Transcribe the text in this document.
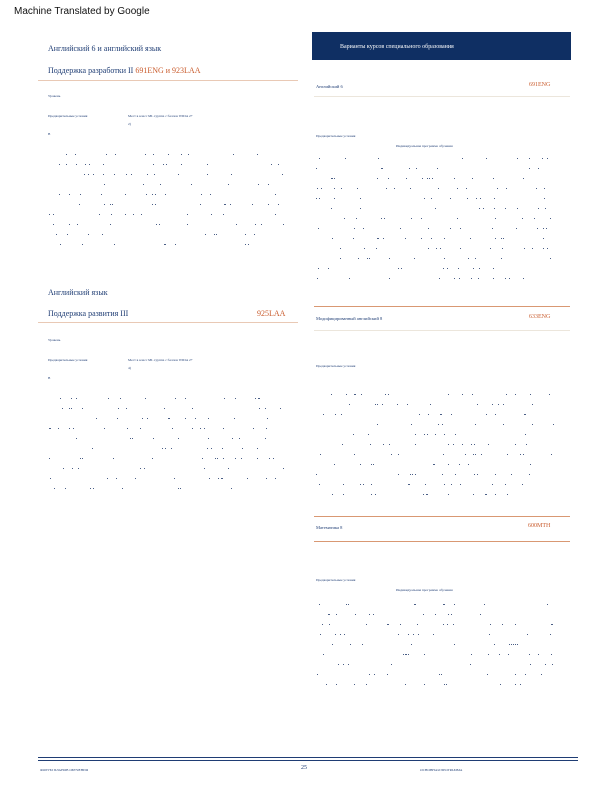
Machine Translated by Google
Английский 6 и английский язык
Поддержка разработки II 691ENG и 923LAA
Уровень
Предварительные условия	Мест в класс ML группа с баллов WIDA 2+
2)
В
Английский язык
Поддержка развития III	925LAA
Уровень
Предварительные условия	Мест в класс ML группа с баллов WIDA 2+
4)
В
Варианты курсов специального образования
Английский 6	691ENG
Предварительные условия
Индивидуальная программа обучения
Модифицированный английский 8	633ENG
Предварительные условия
Математика 8	600MTH
Предварительные условия
Индивидуальная программа обучения
ФОРУМ ПЛАНОВ ОБУЧЕНИЯ	25	ОСНОВНАЯ ПРОГРАММА
